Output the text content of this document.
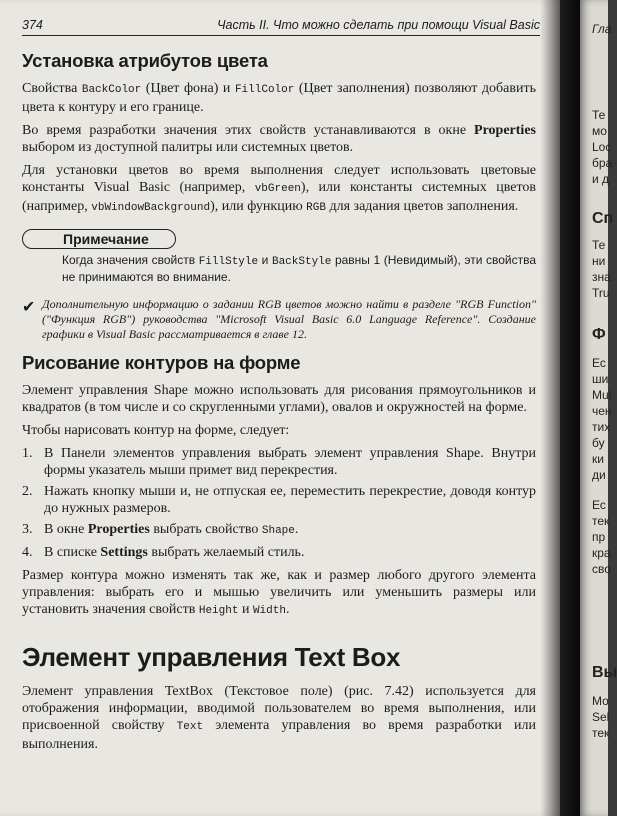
374	Часть II. Что можно сделать при помощи Visual Basic
Установка атрибутов цвета

Свойства BackColor (Цвет фона) и FillColor (Цвет заполнения) позволяют добавить цвета к контуру и его границе.

Во время разработки значения этих свойств устанавливаются в окне Properties выбором из доступной палитры или системных цветов.

Для установки цветов во время выполнения следует использовать цветовые константы Visual Basic (например, vbGreen), или константы системных цветов (например, vbWindowBackground), или функцию RGB для задания цветов заполнения.

Примечание
Когда значения свойств FillStyle и BackStyle равны 1 (Невидимый), эти свойства не принимаются во внимание.
✔ Дополнительную информацию о задании RGB цветов можно найти в разделе "RGB Function" ("Функция RGB") руководства "Microsoft Visual Basic 6.0 Language Reference". Создание графики в Visual Basic рассматривается в главе 12.

Рисование контуров на форме

Элемент управления Shape можно использовать для рисования прямоугольников и квадратов (в том числе и со скругленными углами), овалов и окружностей на форме.

Чтобы нарисовать контур на форме, следует:

1. В Панели элементов управления выбрать элемент управления Shape. Внутри формы указатель мыши примет вид перекрестия.
2. Нажать кнопку мыши и, не отпуская ее, переместить перекрестие, доводя контур до нужных размеров.
3. В окне Properties выбрать свойство Shape.
4. В списке Settings выбрать желаемый стиль.

Размер контура можно изменять так же, как и размер любого другого элемента управления: выбрать его и мышью увеличить или уменьшить размеры или установить значения свойств Height и Width.

Элемент управления Text Box

Элемент управления TextBox (Текстовое поле) (рис. 7.42) используется для отображения информации, вводимой пользователем во время выполнения, или присвоенной свойству Text элемента управления во время разработки или выполнения.

Гла
Те
мо
Loc
бра
и д
Сп
Те
ни
зна
Tru
Ф
Ес
ши
Mul
чен
тих
бу
ки
ди
Ес
тек
пр
кра
сво
Вы
Мо
Sel
тек
